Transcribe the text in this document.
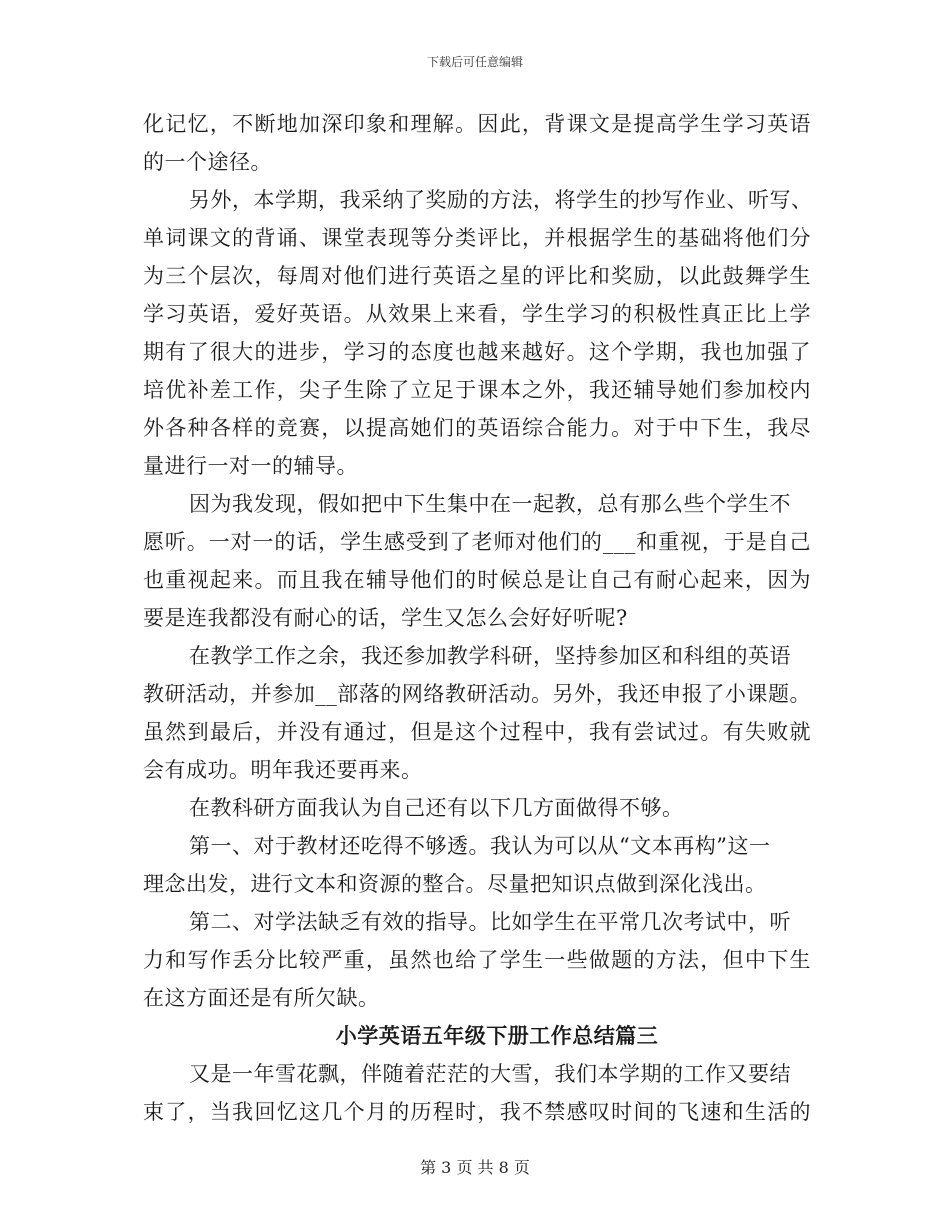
下载后可任意编辑
化记忆，不断地加深印象和理解。因此，背课文是提高学生学习英语
的一个途径。
另外，本学期，我采纳了奖励的方法，将学生的抄写作业、听写、
单词课文的背诵、课堂表现等分类评比，并根据学生的基础将他们分
为三个层次，每周对他们进行英语之星的评比和奖励，以此鼓舞学生
学习英语，爱好英语。从效果上来看，学生学习的积极性真正比上学
期有了很大的进步，学习的态度也越来越好。这个学期，我也加强了
培优补差工作，尖子生除了立足于课本之外，我还辅导她们参加校内
外各种各样的竞赛，以提高她们的英语综合能力。对于中下生，我尽
量进行一对一的辅导。
因为我发现，假如把中下生集中在一起教，总有那么些个学生不
愿听。一对一的话，学生感受到了老师对他们的___和重视，于是自己
也重视起来。而且我在辅导他们的时候总是让自己有耐心起来，因为
要是连我都没有耐心的话，学生又怎么会好好听呢?
在教学工作之余，我还参加教学科研，坚持参加区和科组的英语
教研活动，并参加__部落的网络教研活动。另外，我还申报了小课题。
虽然到最后，并没有通过，但是这个过程中，我有尝试过。有失败就
会有成功。明年我还要再来。
在教科研方面我认为自己还有以下几方面做得不够。
第一、对于教材还吃得不够透。我认为可以从“文本再构”这一
理念出发，进行文本和资源的整合。尽量把知识点做到深化浅出。
第二、对学法缺乏有效的指导。比如学生在平常几次考试中，听
力和写作丢分比较严重，虽然也给了学生一些做题的方法，但中下生
在这方面还是有所欠缺。
小学英语五年级下册工作总结篇三
又是一年雪花飘，伴随着茫茫的大雪，我们本学期的工作又要结
束了，当我回忆这几个月的历程时，我不禁感叹时间的飞速和生活的
第 3 页 共 8 页
